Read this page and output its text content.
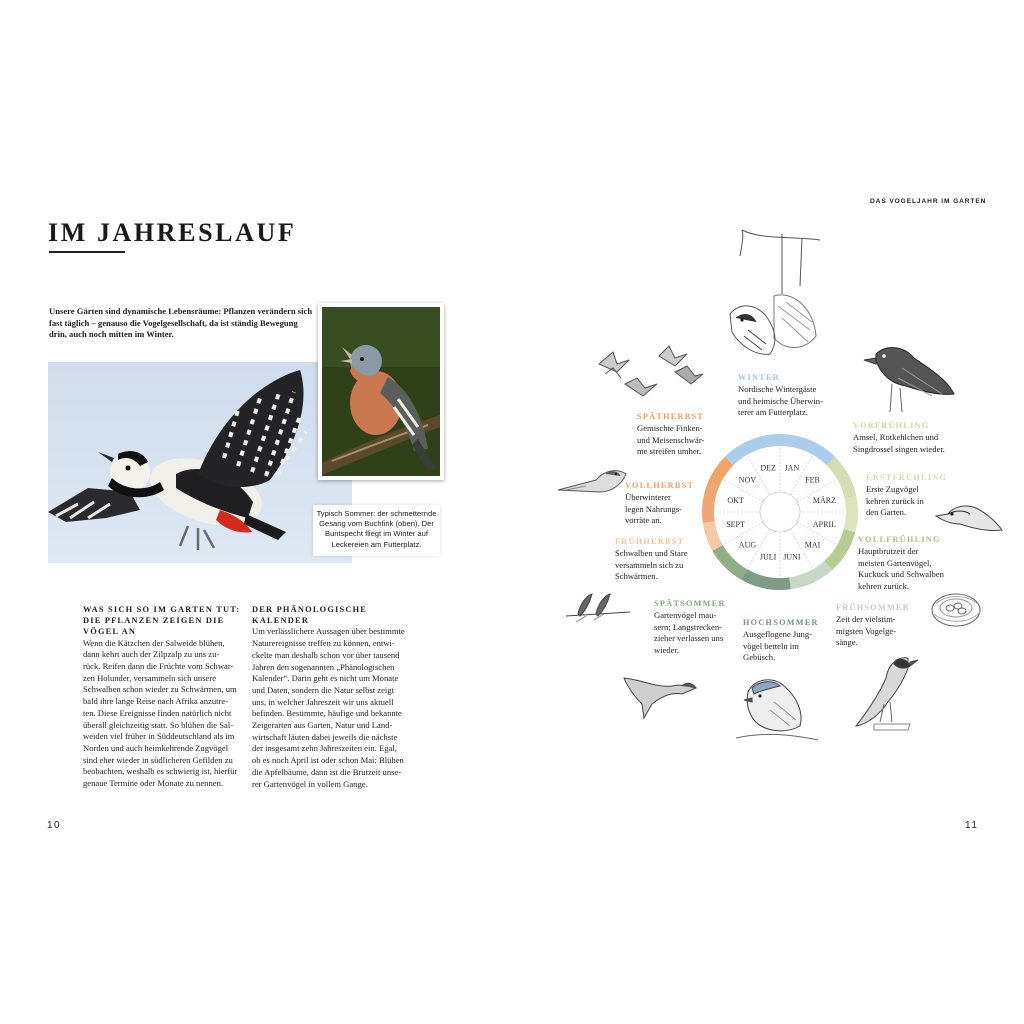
IM JAHRESLAUF
Unsere Gärten sind dynamische Lebensräume: Pflanzen verändern sich fast täglich – genauso die Vogelgesellschaft, da ist ständig Bewegung drin, auch noch mitten im Winter.
Typisch Sommer: der schmetternde Gesang vom Buchfink (oben). Der Buntspecht fliegt im Winter auf Leckereien am Futterplatz.
WAS SICH SO IM GARTEN TUT:
DIE PFLANZEN ZEIGEN DIE
VÖGEL AN
Wenn die Kätzchen der Salweide blühen,
dann kehrt auch der Zilpzalp zu uns zu-
rück. Reifen dann die Früchte vom Schwar-
zen Holunder, versammeln sich unsere
Schwalben schon wieder zu Schwärmen, um
bald ihre lange Reise nach Afrika anzutre-
ten. Diese Ereignisse finden natürlich nicht
überall gleichzeitig statt. So blühen die Sal-
weiden viel früher in Süddeutschland als im
Norden und auch heimkehrende Zugvögel
sind eher wieder in südlicheren Gefilden zu
beobachten, weshalb es schwierig ist, hierfür
genaue Termine oder Monate zu nennen.
DER PHÄNOLOGISCHE
KALENDER
Um verlässlichere Aussagen über bestimmte
Naturereignisse treffen zu können, entwi-
ckelte man deshalb schon vor über tausend
Jahren den sogenannten „Phänologischen
Kalender“. Darin geht es nicht um Monate
und Daten, sondern die Natur selbst zeigt
uns, in welcher Jahreszeit wir uns aktuell
befinden. Bestimmte, häufige und bekannte
Zeigerarten aus Garten, Natur und Land-
wirtschaft läuten dabei jeweils die nächste
der insgesamt zehn Jahreszeiten ein. Egal,
ob es noch April ist oder schon Mai: Blühen
die Apfelbäume, dann ist die Brutzeit unse-
rer Gartenvögel in vollem Gange.
10
DAS VOGELJAHR IM GARTEN
11
DEZ JAN
FEB
MÄRZ
APRIL
MAI
JUNI
JULI
AUG
SEPT
OKT
NOV
WINTER
Nordische Wintergäste
und heimische Überwin-
terer am Futterplatz.
VORFRÜHLING
Amsel, Rotkehlchen und
Singdrossel singen wieder.
ERSTFRÜHLING
Erste Zugvögel
kehren zurück in
den Garten.
VOLLFRÜHLING
Hauptbrutzeit der
meisten Gartenvögel,
Kuckuck und Schwalben
kehren zurück.
FRÜHSOMMER
Zeit der vielstim-
migsten Vogelge-
sänge.
HOCHSOMMER
Ausgeflogene Jung-
vögel betteln im
Gebüsch.
SPÄTSOMMER
Gartenvögel mau-
sern; Langstrecken-
zieher verlassen uns
wieder.
FRÜHHERBST
Schwalben und Stare
versammeln sich zu
Schwärmen.
VOLLHERBST
Überwinterer
legen Nahrungs-
vorräte an.
SPÄTHERBST
Gemischte Finken-
und Meisenschwär-
me streifen umher.
